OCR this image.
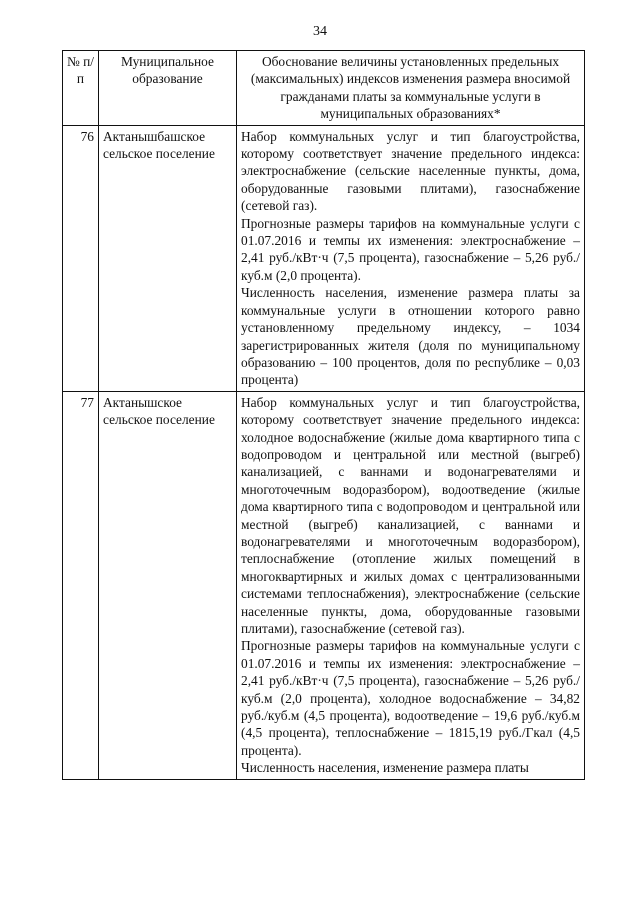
34
№ п/п	Муниципальное образование	Обоснование величины установленных предельных (максимальных) индексов изменения размера вносимой гражданами платы за коммунальные услуги в муниципальных образованиях*
76	Актанышбашское сельское поселение	Набор коммунальных услуг и тип благоустройства, которому соответствует значение предельного индекса: электроснабжение (сельские населенные пункты, дома, оборудованные газовыми плитами), газоснабжение (сетевой газ).

Прогнозные размеры тарифов на коммунальные услуги с 01.07.2016 и темпы их изменения: электроснабжение – 2,41 руб./кВт·ч (7,5 процента), газоснабжение – 5,26 руб./куб.м (2,0 процента).

Численность населения, изменение размера платы за коммунальные услуги в отношении которого равно установленному предельному индексу, – 1034 зарегистрированных жителя (доля по муниципальному образованию – 100 процентов, доля по республике – 0,03 процента)

77	Актанышское сельское поселение	Набор коммунальных услуг и тип благоустройства, которому соответствует значение предельного индекса: холодное водоснабжение (жилые дома квартирного типа с водопроводом и центральной или местной (выгреб) канализацией, с ваннами и водонагревателями и многоточечным водоразбором), водоотведение (жилые дома квартирного типа с водопроводом и центральной или местной (выгреб) канализацией, с ваннами и водонагревателями и многоточечным водоразбором), теплоснабжение (отопление жилых помещений в многоквартирных и жилых домах с централизованными системами теплоснабжения), электроснабжение (сельские населенные пункты, дома, оборудованные газовыми плитами), газоснабжение (сетевой газ).

Прогнозные размеры тарифов на коммунальные услуги с 01.07.2016 и темпы их изменения: электроснабжение – 2,41 руб./кВт·ч (7,5 процента), газоснабжение – 5,26 руб./куб.м (2,0 процента), холодное водоснабжение – 34,82 руб./куб.м (4,5 процента), водоотведение – 19,6 руб./куб.м (4,5 процента), теплоснабжение – 1815,19 руб./Гкал (4,5 процента).

Численность населения, изменение размера платы
